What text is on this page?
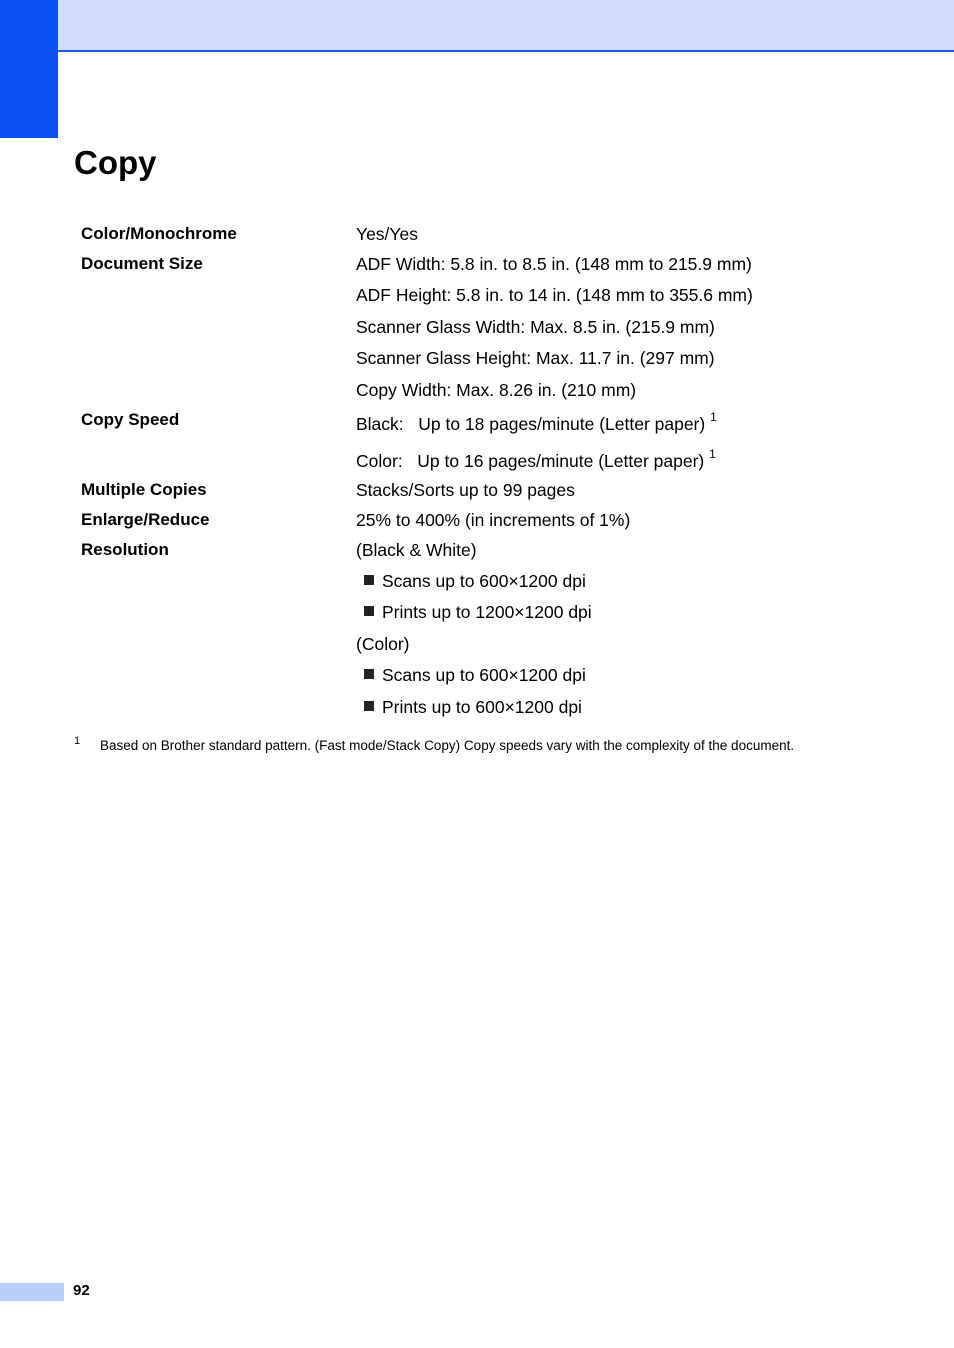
Copy
Color/Monochrome	Yes/Yes
Document Size	ADF Width: 5.8 in. to 8.5 in. (148 mm to 215.9 mm)
ADF Height: 5.8 in. to 14 in. (148 mm to 355.6 mm)
Scanner Glass Width: Max. 8.5 in. (215.9 mm)
Scanner Glass Height: Max. 11.7 in. (297 mm)
Copy Width: Max. 8.26 in. (210 mm)
Copy Speed	Black:   Up to 18 pages/minute (Letter paper) $^1$
Color:   Up to 16 pages/minute (Letter paper) $^1$
Multiple Copies	Stacks/Sorts up to 99 pages
Enlarge/Reduce	25% to 400% (in increments of 1%)
Resolution	(Black & White)
Scans up to 600×1200 dpi
Prints up to 1200×1200 dpi
(Color)
Scans up to 600×1200 dpi
Prints up to 600×1200 dpi
1 Based on Brother standard pattern. (Fast mode/Stack Copy) Copy speeds vary with the complexity of the document.
92
